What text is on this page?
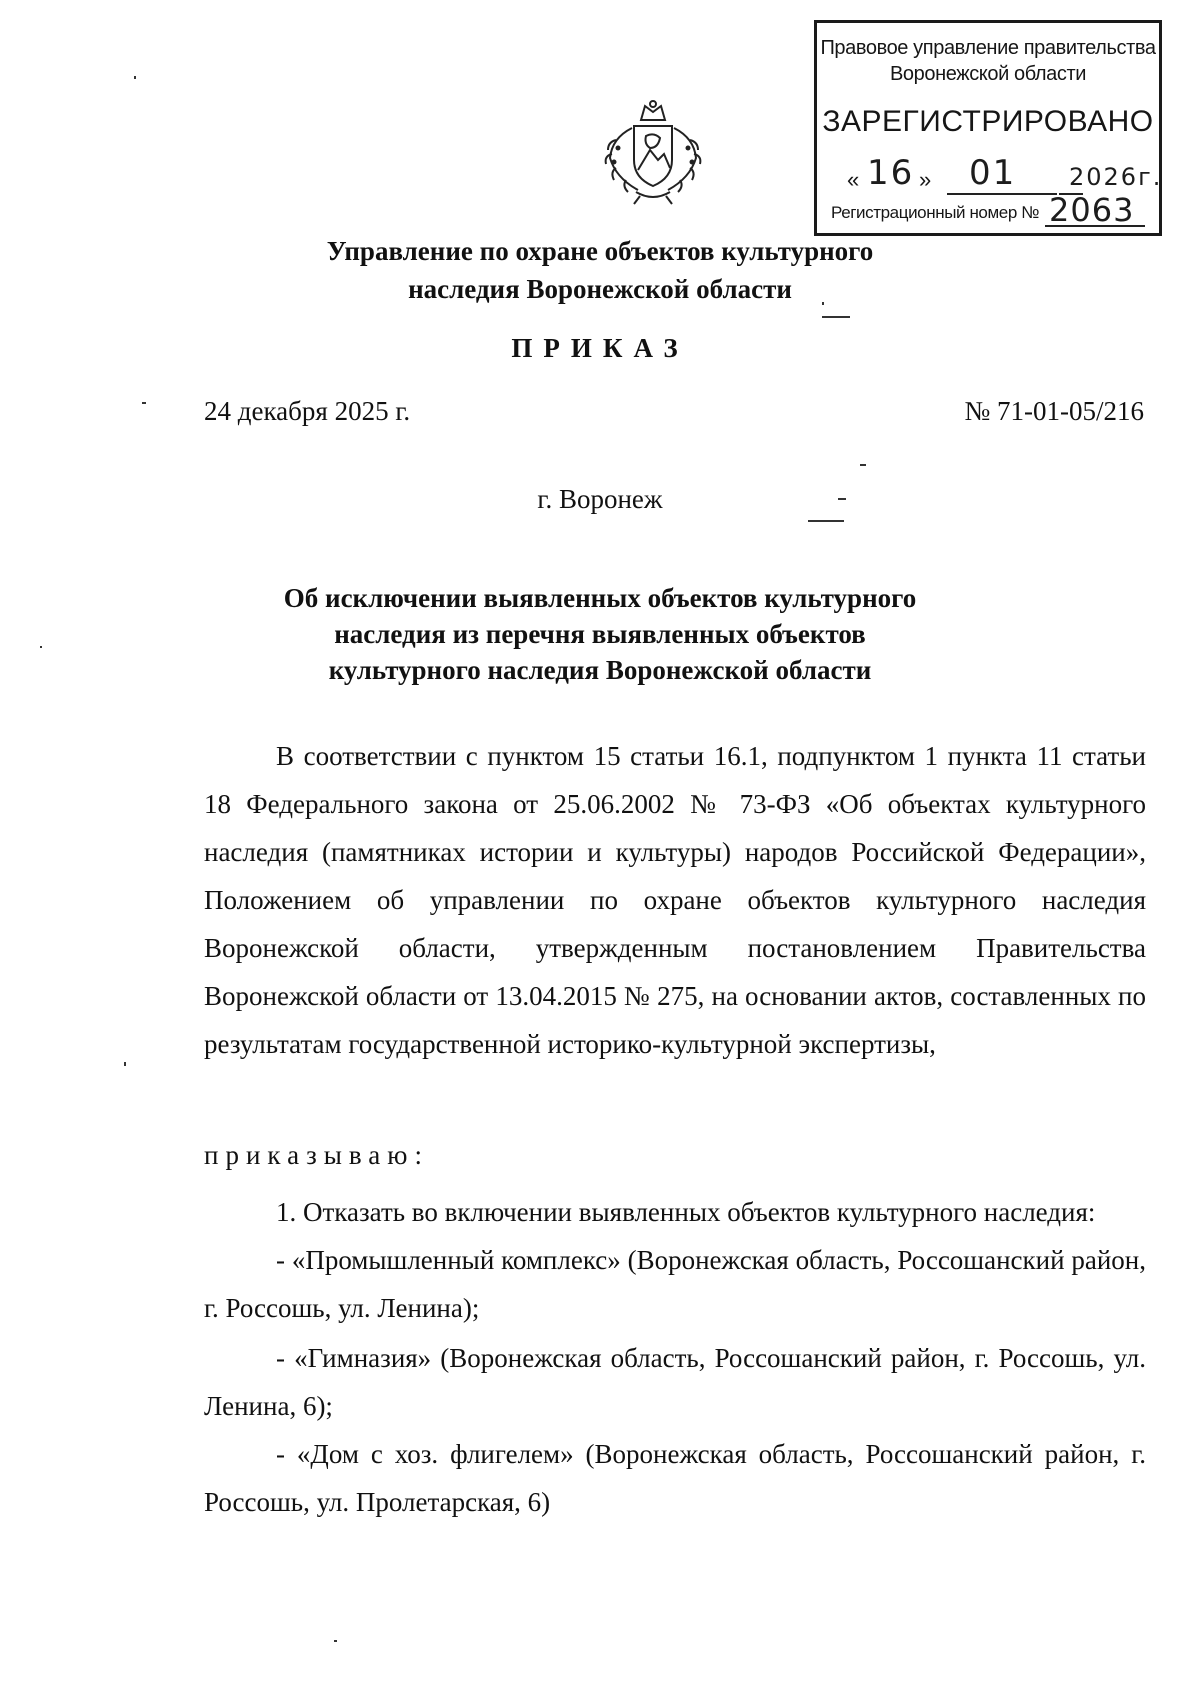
Правовое управление правительства Воронежской области
ЗАРЕГИСТРИРОВАНО
« 16 » 01 2026г.
Регистрационный номер № 2063
Управление по охране объектов культурного наследия Воронежской области
ПРИКАЗ
24 декабря 2025 г.	№ 71-01-05/216
г. Воронеж
Об исключении выявленных объектов культурного наследия из перечня выявленных объектов культурного наследия Воронежской области
В соответствии с пунктом 15 статьи 16.1, подпунктом 1 пункта 11 статьи 18 Федерального закона от 25.06.2002 № 73-ФЗ «Об объектах культурного наследия (памятниках истории и культуры) народов Российской Федерации», Положением об управлении по охране объектов культурного наследия Воронежской области, утвержденным постановлением Правительства Воронежской области от 13.04.2015 № 275, на основании актов, составленных по результатам государственной историко-культурной экспертизы,
приказываю:
1. Отказать во включении выявленных объектов культурного наследия:
- «Промышленный комплекс» (Воронежская область, Россошанский район, г. Россошь, ул. Ленина);
- «Гимназия» (Воронежская область, Россошанский район, г. Россошь, ул. Ленина, 6);
- «Дом с хоз. флигелем» (Воронежская область, Россошанский район, г. Россошь, ул. Пролетарская, 6)
